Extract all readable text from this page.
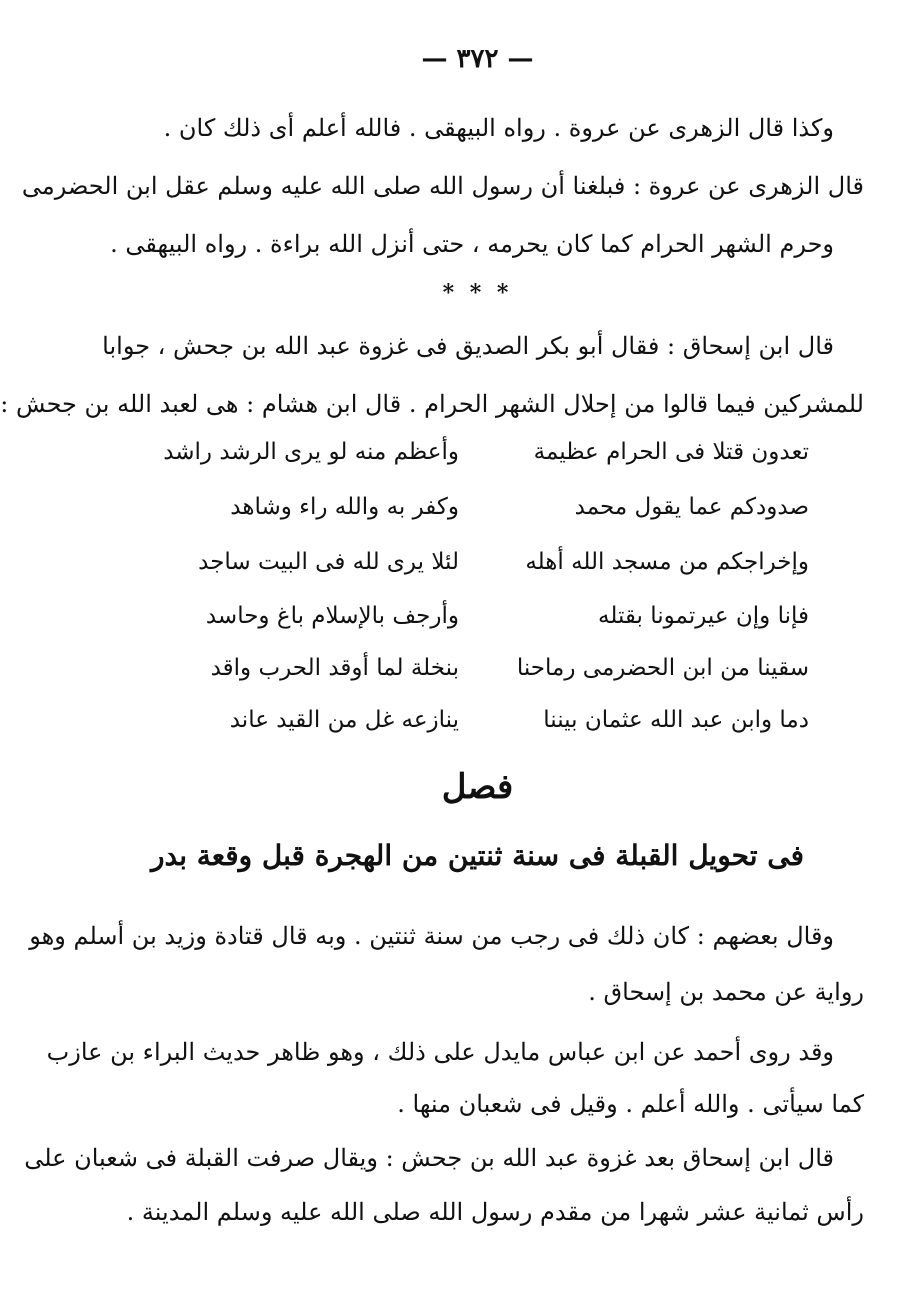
— ٣٧٢ —
وكذا قال الزهرى عن عروة . رواه البيهقى . فالله أعلم أى ذلك كان .
قال الزهرى عن عروة : فبلغنا أن رسول الله صلى الله عليه وسلم عقل ابن الحضرمى
وحرم الشهر الحرام كما كان يحرمه ، حتى أنزل الله براءة . رواه البيهقى .
* * *
قال ابن إسحاق : فقال أبو بكر الصديق فى غزوة عبد الله بن جحش ، جوابا
للمشركين فيما قالوا من إحلال الشهر الحرام . قال ابن هشام : هى لعبد الله بن جحش :
تعدون قتلا فى الحرام عظيمة
وأعظم منه لو يرى الرشد راشد
صدودكم عما يقول محمد
وكفر به والله راء وشاهد
وإخراجكم من مسجد الله أهله
لئلا يرى لله فى البيت ساجد
فإنا وإن عيرتمونا بقتله
وأرجف بالإسلام باغ وحاسد
سقينا من ابن الحضرمى رماحنا
بنخلة لما أوقد الحرب واقد
دما وابن عبد الله عثمان بيننا
ينازعه غل من القيد عاند
فصل
فى تحويل القبلة فى سنة ثنتين من الهجرة قبل وقعة بدر
وقال بعضهم : كان ذلك فى رجب من سنة ثنتين . وبه قال قتادة وزيد بن أسلم وهو
رواية عن محمد بن إسحاق .
وقد روى أحمد عن ابن عباس مايدل على ذلك ، وهو ظاهر حديث البراء بن عازب
كما سيأتى . والله أعلم . وقيل فى شعبان منها .
قال ابن إسحاق بعد غزوة عبد الله بن جحش : ويقال صرفت القبلة فى شعبان على
رأس ثمانية عشر شهرا من مقدم رسول الله صلى الله عليه وسلم المدينة .
